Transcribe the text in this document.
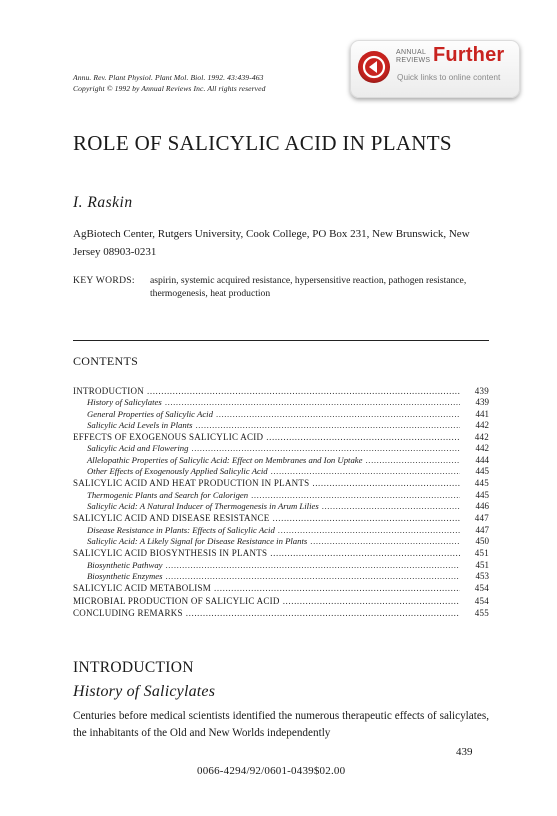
Annu. Rev. Plant Physiol. Plant Mol. Biol. 1992. 43:439-463
Copyright © 1992 by Annual Reviews Inc. All rights reserved
ANNUAL
REVIEWS Further
Quick links to online content
ROLE OF SALICYLIC ACID IN PLANTS
I. Raskin
AgBiotech Center, Rutgers University, Cook College, PO Box 231, New Brunswick, New Jersey 08903-0231
KEY WORDS: aspirin, systemic acquired resistance, hypersensitive reaction, pathogen resistance, thermogenesis, heat production
CONTENTS
INTRODUCTION .....	439
History of Salicylates .....	439
General Properties of Salicylic Acid .....	441
Salicylic Acid Levels in Plants .....	442
EFFECTS OF EXOGENOUS SALICYLIC ACID .....	442
Salicylic Acid and Flowering .....	442
Allelopathic Properties of Salicylic Acid: Effect on Membranes and Ion Uptake .....	444
Other Effects of Exogenously Applied Salicylic Acid .....	445
SALICYLIC ACID AND HEAT PRODUCTION IN PLANTS .....	445
Thermogenic Plants and Search for Calorigen .....	445
Salicylic Acid: A Natural Inducer of Thermogenesis in Arum Lilies .....	446
SALICYLIC ACID AND DISEASE RESISTANCE .....	447
Disease Resistance in Plants: Effects of Salicylic Acid .....	447
Salicylic Acid: A Likely Signal for Disease Resistance in Plants .....	450
SALICYLIC ACID BIOSYNTHESIS IN PLANTS .....	451
Biosynthetic Pathway .....	451
Biosynthetic Enzymes .....	453
SALICYLIC ACID METABOLISM .....	454
MICROBIAL PRODUCTION OF SALICYLIC ACID .....	454
CONCLUDING REMARKS .....	455
INTRODUCTION
History of Salicylates
Centuries before medical scientists identified the numerous therapeutic effects of salicylates, the inhabitants of the Old and New Worlds independently
439
0066-4294/92/0601-0439$02.00
